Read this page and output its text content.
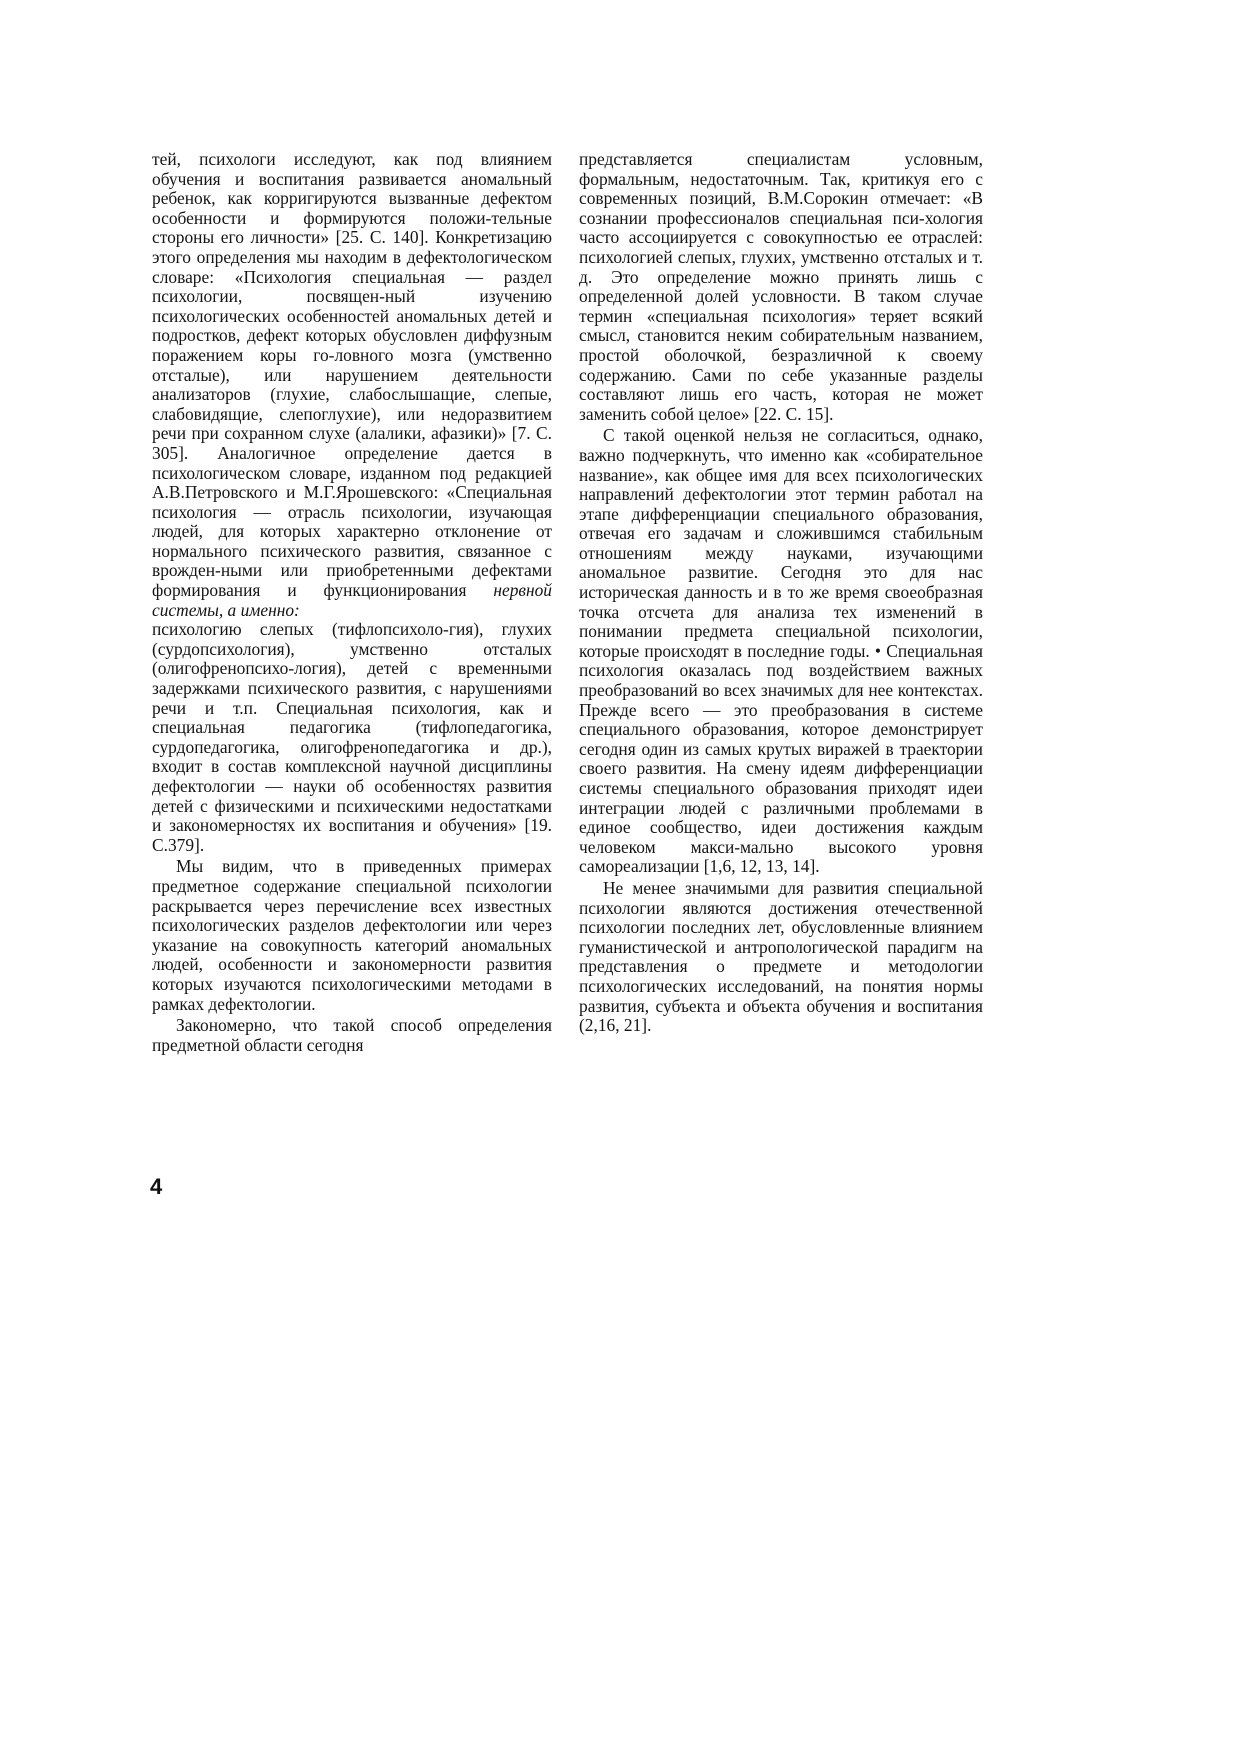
тей, психологи исследуют, как под влиянием обучения и воспитания развивается аномальный ребенок, как корригируются вызванные дефектом особенности и формируются положи-тельные стороны его личности» [25. С. 140]. Конкретизацию этого определения мы находим в дефектологическом словаре: «Психология специальная — раздел психологии, посвящен-ный изучению психологических особенностей аномальных детей и подростков, дефект которых обусловлен диффузным поражением коры го-ловного мозга (умственно отсталые), или нарушением деятельности анализаторов (глухие, слабослышащие, слепые, слабовидящие, слепоглухие), или недоразвитием речи при сохранном слухе (алалики, афазики)» [7. С. 305]. Аналогичное определение дается в психологическом словаре, изданном под редакцией А.В.Петровского и М.Г.Ярошевского: «Специальная психология — отрасль психологии, изучающая людей, для которых характерно отклонение от нормального психического развития, связанное с врожден-ными или приобретенными дефектами формирования и функционирования нервной системы, а именно:

психологию слепых (тифлопсихоло-гия), глухих (сурдопсихология), умственно отсталых (олигофренопсихо-логия), детей с временными задержками психического развития, с нарушениями речи и т.п. Специальная психология, как и специальная педагогика (тифлопедагогика, сурдопедагогика, олигофренопедагогика и др.), входит в состав комплексной научной дисциплины дефектологии — науки об особенностях развития детей с физическими и психическими недостатками и закономерностях их воспитания и обучения» [19. С.379].

Мы видим, что в приведенных примерах предметное содержание специальной психологии раскрывается через перечисление всех известных психологических разделов дефектологии или через указание на совокупность категорий аномальных людей, особенности и закономерности развития которых изучаются психологическими методами в рамках дефектологии.

Закономерно, что такой способ определения предметной области сегодня

представляется специалистам условным, формальным, недостаточным. Так, критикуя его с современных позиций, В.М.Сорокин отмечает: «В сознании профессионалов специальная пси-хология часто ассоциируется с совокупностью ее отраслей: психологией слепых, глухих, умственно отсталых и т. д. Это определение можно принять лишь с определенной долей условности. В таком случае термин «специальная психология» теряет всякий смысл, становится неким собирательным названием, простой оболочкой, безразличной к своему содержанию. Сами по себе указанные разделы составляют лишь его часть, которая не может заменить собой целое» [22. С. 15].

С такой оценкой нельзя не согласиться, однако, важно подчеркнуть, что именно как «собирательное название», как общее имя для всех психологических направлений дефектологии этот термин работал на этапе дифференциации специального образования, отвечая его задачам и сложившимся стабильным отношениям между науками, изучающими аномальное развитие. Сегодня это для нас историческая данность и в то же время своеобразная точка отсчета для анализа тех изменений в понимании предмета специальной психологии, которые происходят в последние годы. • Специальная психология оказалась под воздействием важных преобразований во всех значимых для нее контекстах. Прежде всего — это преобразования в системе специального образования, которое демонстрирует сегодня один из самых крутых виражей в траектории своего развития. На смену идеям дифференциации системы специального образования приходят идеи интеграции людей с различными проблемами в единое сообщество, идеи достижения каждым человеком макси-мально высокого уровня самореализации [1,6, 12, 13, 14].

Не менее значимыми для развития специальной психологии являются достижения отечественной психологии последних лет, обусловленные влиянием гуманистической и антропологической парадигм на представления о предмете и методологии психологических исследований, на понятия нормы развития, субъекта и объекта обучения и воспитания (2,16, 21].

4
